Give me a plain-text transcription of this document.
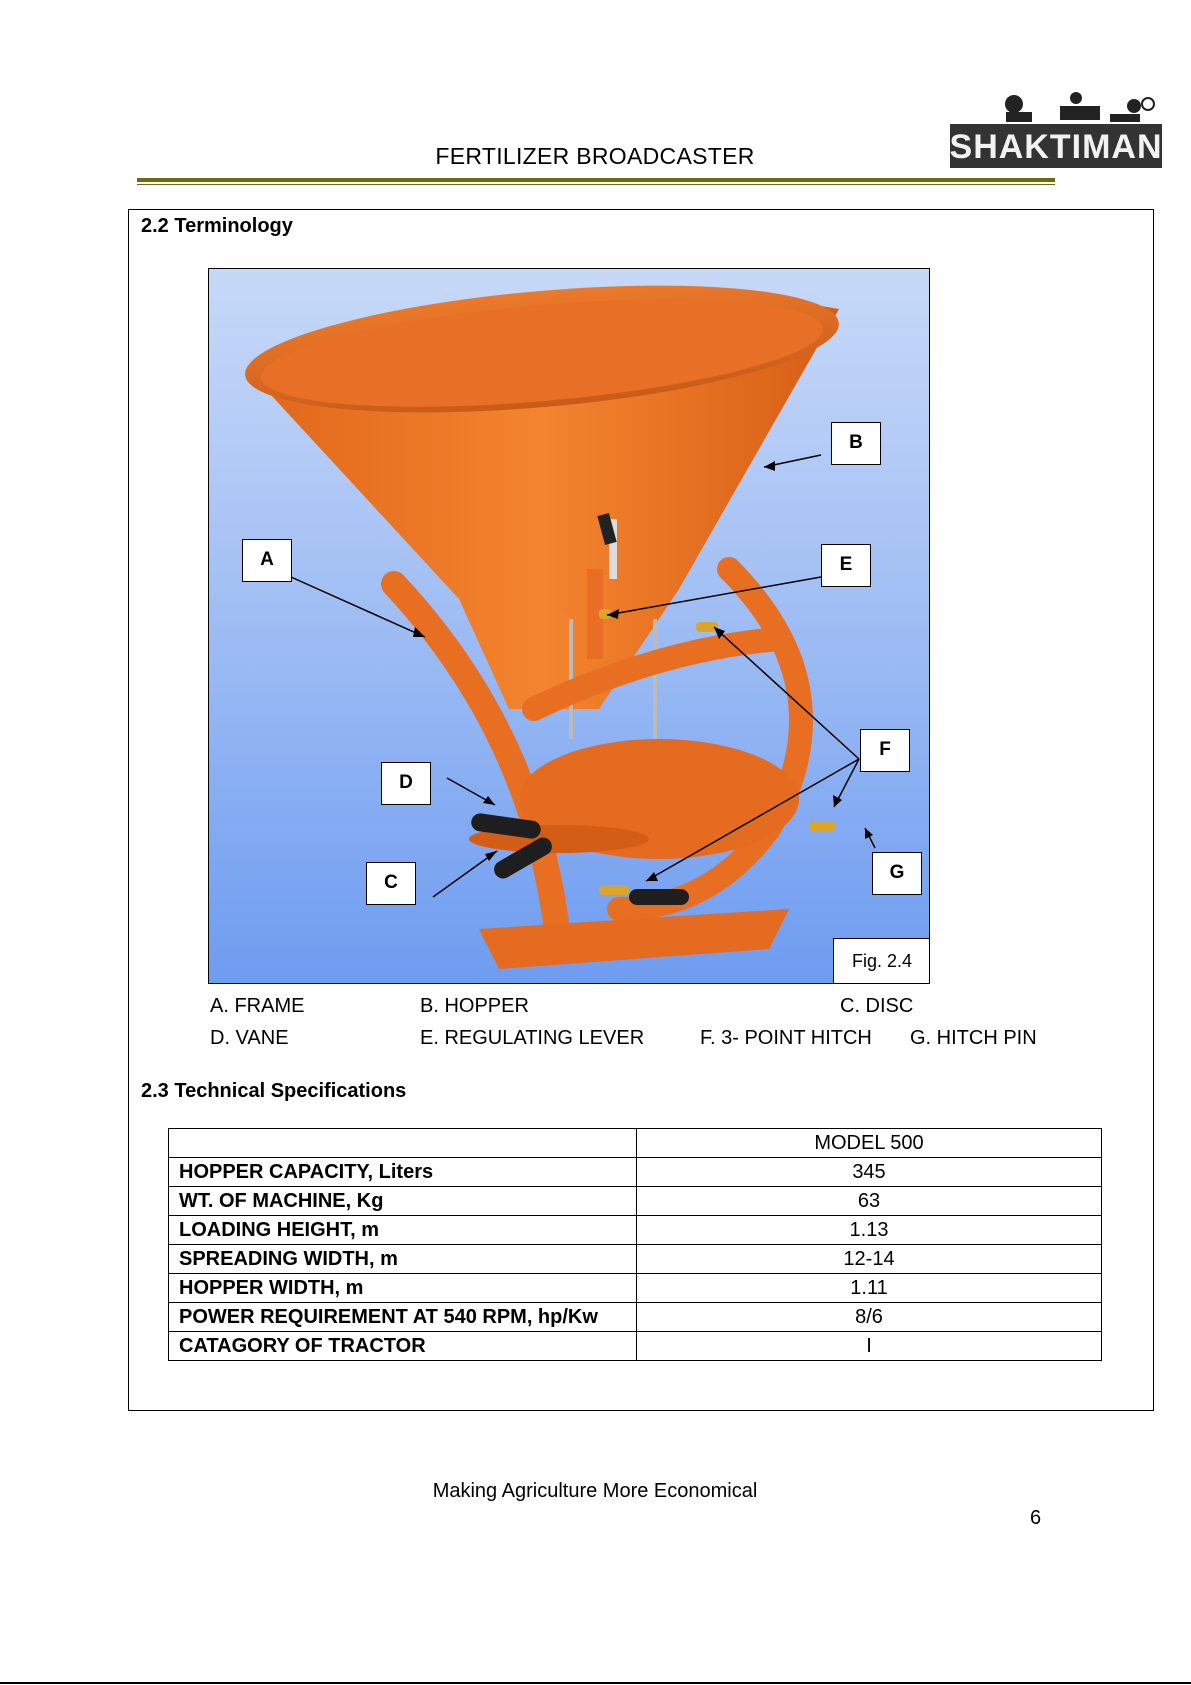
FERTILIZER BROADCASTER	SHAKTIMAN
2.2 Terminology
A
B
C
D
E
F
G
Fig. 2.4
A. FRAME	B. HOPPER	C. DISC
D. VANE	E. REGULATING LEVER	F. 3- POINT HITCH G. HITCH PIN
2.3 Technical Specifications
	MODEL 500
HOPPER CAPACITY, Liters	345
WT. OF MACHINE, Kg	63
LOADING HEIGHT, m	1.13
SPREADING WIDTH, m	12-14
HOPPER WIDTH, m	1.11
POWER REQUIREMENT AT 540 RPM, hp/Kw	8/6
CATAGORY OF TRACTOR	I
Making Agriculture More Economical
6
